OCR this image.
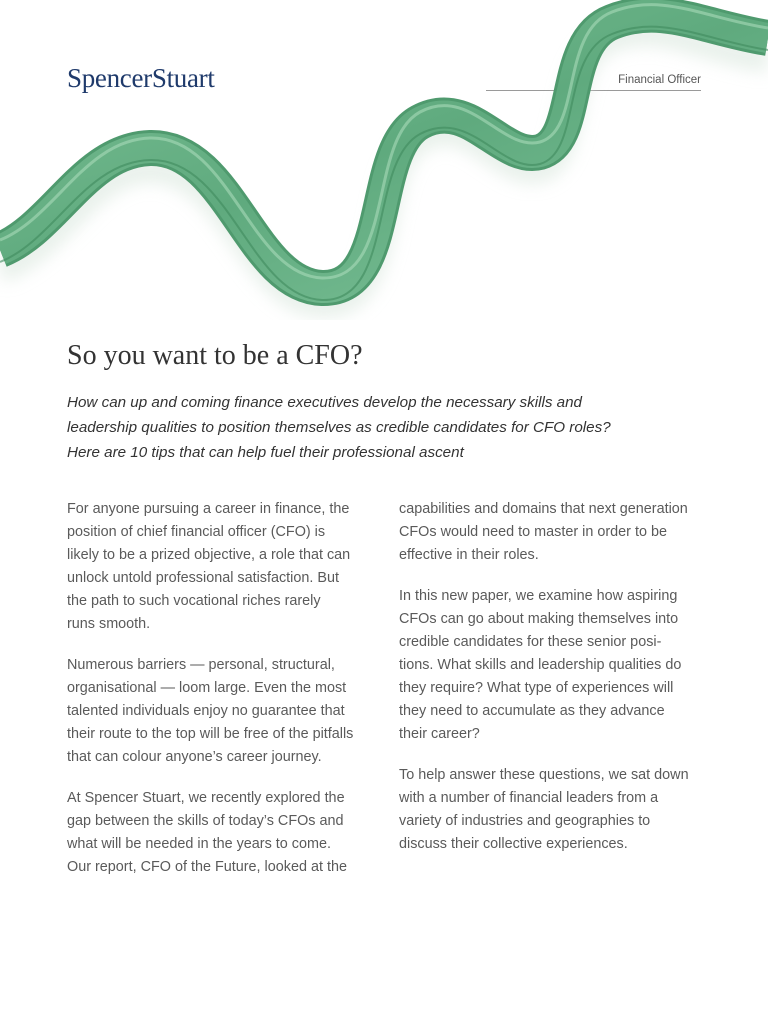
SpencerStuart	Financial Officer
So you want to be a CFO?

How can up and coming finance executives develop the necessary skills and
leadership qualities to position themselves as credible candidates for CFO roles?
Here are 10 tips that can help fuel their professional ascent

For anyone pursuing a career in finance, the
position of chief financial officer (CFO) is
likely to be a prized objective, a role that can
unlock untold professional satisfaction. But
the path to such vocational riches rarely
runs smooth.

Numerous barriers — personal, structural,
organisational — loom large. Even the most
talented individuals enjoy no guarantee that
their route to the top will be free of the pitfalls
that can colour anyone’s career journey.

At Spencer Stuart, we recently explored the
gap between the skills of today’s CFOs and
what will be needed in the years to come.
Our report, CFO of the Future, looked at the

capabilities and domains that next generation
CFOs would need to master in order to be
effective in their roles.

In this new paper, we examine how aspiring
CFOs can go about making themselves into
credible candidates for these senior posi-
tions. What skills and leadership qualities do
they require? What type of experiences will
they need to accumulate as they advance
their career?

To help answer these questions, we sat down
with a number of financial leaders from a
variety of industries and geographies to
discuss their collective experiences.
